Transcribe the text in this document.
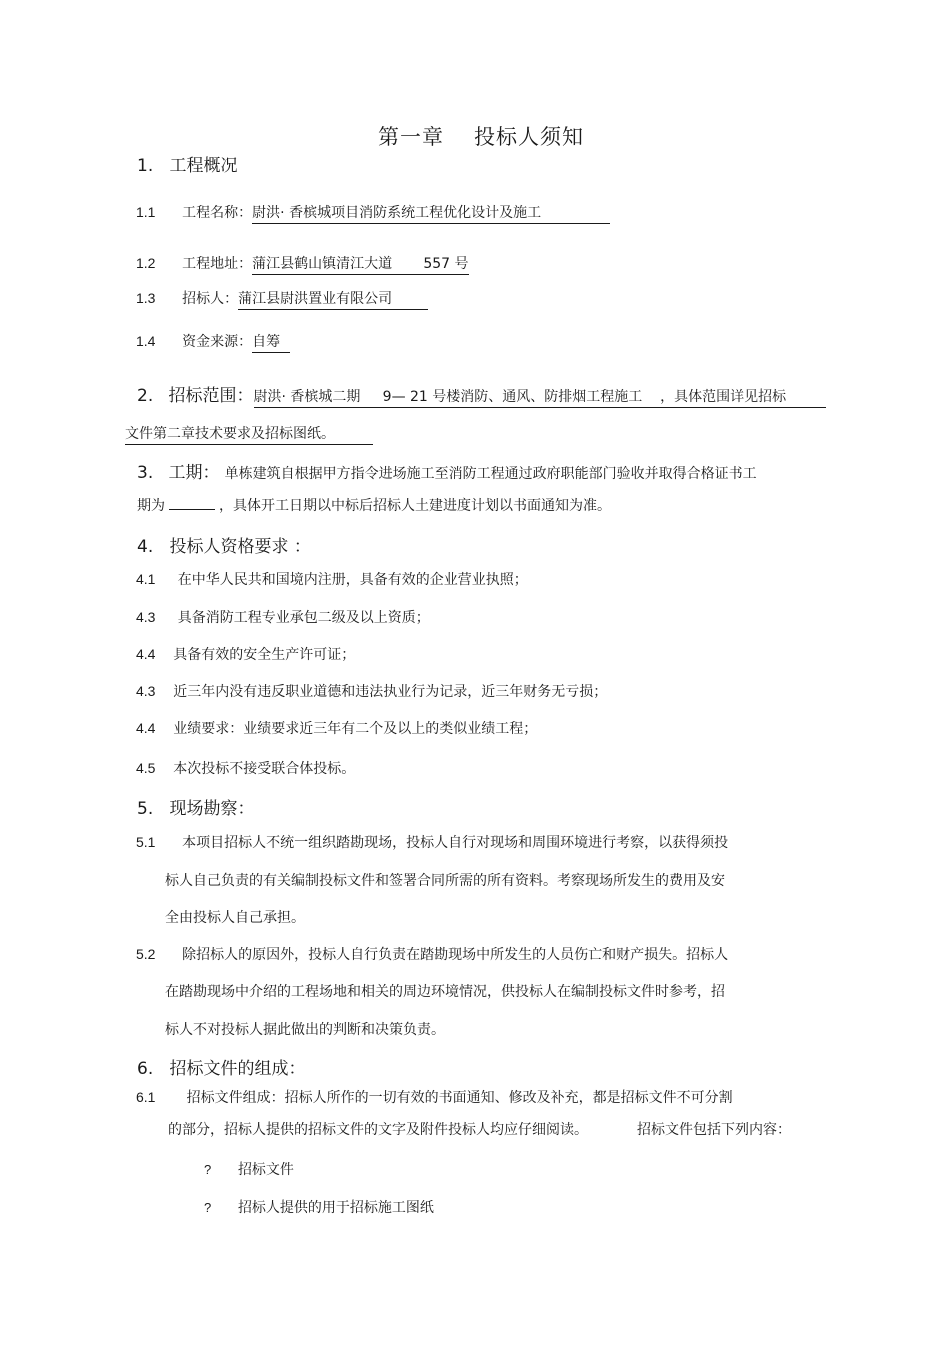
第一章 投标人须知
1. 工程概况
1.1 工程名称：尉洪· 香槟城项目消防系统工程优化设计及施工
1.2 工程地址：蒲江县鹤山镇清江大道 557 号
1.3 招标人：蒲江县尉洪置业有限公司
1.4 资金来源：自筹
2. 招标范围：尉洪· 香槟城二期 9— 21 号楼消防、通风、防排烟工程施工 ，具体范围详见招标
文件第二章技术要求及招标图纸。
3. 工期： 单栋建筑自根据甲方指令进场施工至消防工程通过政府职能部门验收并取得合格证书工
期为	，具体开工日期以中标后招标人土建进度计划以书面通知为准。
4. 投标人资格要求 ：
4.1 在中华人民共和国境内注册，具备有效的企业营业执照；
4.3 具备消防工程专业承包二级及以上资质；
4.4 具备有效的安全生产许可证；
4.3 近三年内没有违反职业道德和违法执业行为记录，近三年财务无亏损；
4.4 业绩要求：业绩要求近三年有二个及以上的类似业绩工程；
4.5 本次投标不接受联合体投标。
5. 现场勘察：
5.1 本项目招标人不统一组织踏勘现场，投标人自行对现场和周围环境进行考察，以获得须投
标人自己负责的有关编制投标文件和签署合同所需的所有资料。考察现场所发生的费用及安
全由投标人自己承担。
5.2 除招标人的原因外，投标人自行负责在踏勘现场中所发生的人员伤亡和财产损失。招标人
在踏勘现场中介绍的工程场地和相关的周边环境情况，供投标人在编制投标文件时参考，招
标人不对投标人据此做出的判断和决策负责。
6. 招标文件的组成：
6.1 招标文件组成：招标人所作的一切有效的书面通知、修改及补充，都是招标文件不可分割
的部分，招标人提供的招标文件的文字及附件投标人均应仔细阅读。	招标文件包括下列内容：
? 招标文件
? 招标人提供的用于招标施工图纸
